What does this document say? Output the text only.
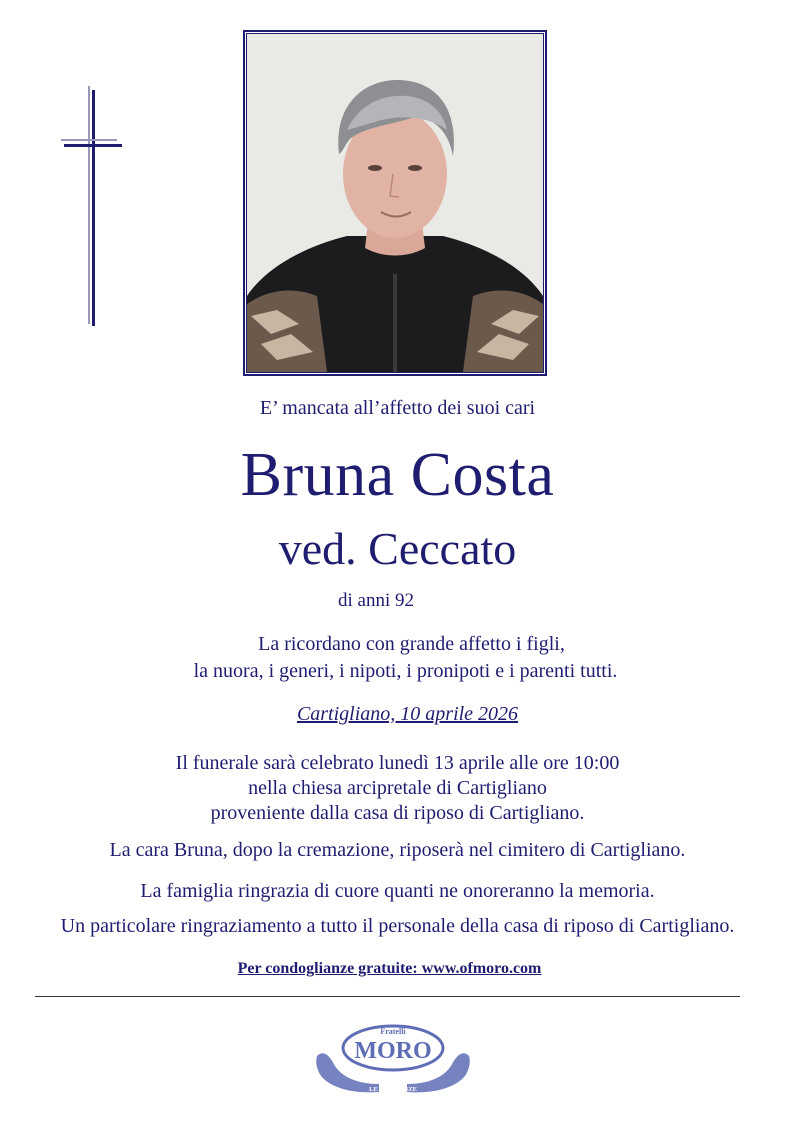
E’ mancata all’affetto dei suoi cari
Bruna Costa
ved. Ceccato
di anni 92
La ricordano con grande affetto i figli,
la nuora, i generi, i nipoti, i pronipoti e i parenti tutti.
Cartigliano, 10 aprile 2026
Il funerale sarà celebrato lunedì 13 aprile alle ore 10:00
nella chiesa arcipretale di Cartigliano
proveniente dalla casa di riposo di Cartigliano.
La cara Bruna, dopo la cremazione, riposerà nel cimitero di Cartigliano.
La famiglia ringrazia di cuore quanti ne onoreranno la memoria.
Un particolare ringraziamento a tutto il personale della casa di riposo di Cartigliano.
Per condoglianze gratuite: www.ofmoro.com
Fratelli
MORO
LE ONORANZE
